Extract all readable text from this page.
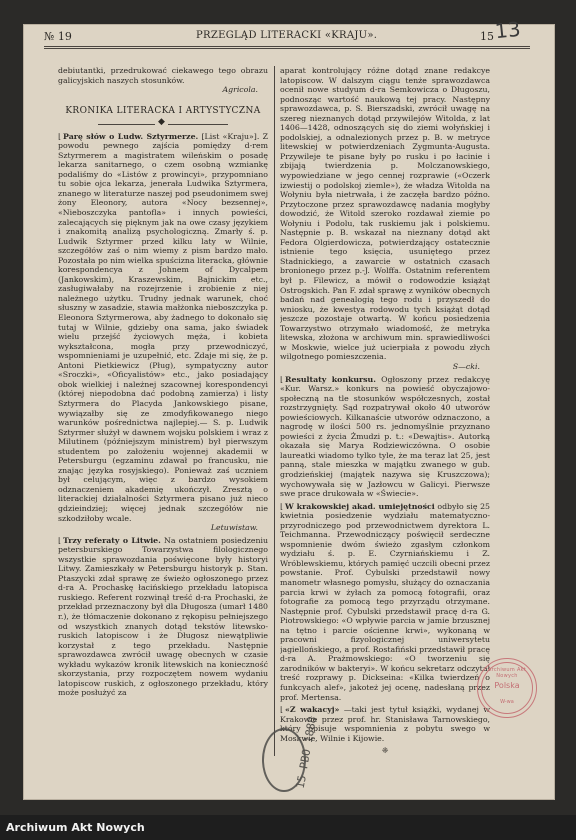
№ 19	PRZEGLĄD LITERACKI «KRAJU».	15 13

debiutantki, przedrukować ciekawego tego obrazu galicyjskich naszych stosunków.

Agricola.

KRONIKA LITERACKA I ARTYSTYCZNA
◆

⌊ Parę słów o Ludw. Sztyrmerze. [List «Kraju»]. Z powodu pewnego zajścia pomiędzy d-rem Sztyrmerem a magistratem wileńskim o posadę lekarza sanitarnego, o czem osobną wzmiankę podaliśmy do «Listów z prowincyi», przypomniano tu sobie ojca lekarza, jenerała Ludwika Sztyrmera, znanego w literaturze naszej pod pseudonimem swej żony Eleonory, autora «Nocy bezsennej», «Nieboszczyka pantofla» i innych powieści, zalecających się pięknym jak na owe czasy językiem i znakomitą analizą psychologiczną. Zmarły ś. p. Ludwik Sztyrmer przed kilku laty w Wilnie, szczegółów zaś o nim wiemy z pism bardzo mało. Pozostała po nim wielka spuścizna literacka, głównie korespondencya z Johnem of Dycalpem (Jankowskim), Kraszewskim, Bajnickim etc., zasługiwałaby na rozejrzenie i zrobienie z niej należnego użytku. Trudny jednak warunek, choć słuszny w zasadzie, stawia małżonka nieboszczyka p. Eleonora Sztyrmerowa, aby żadnego to dokonało się tutaj w Wilnie, gdzieby ona sama, jako świadek wielu przejść życiowych męża, i kobieta wykształcona, mogła przy przewodniczyć, wspomnieniami je uzupełnić, etc. Zdaje mi się, że p. Antoni Pietkiewicz (Pług), sympatyczny autor «Sroczki», «Oficyalistów» etc., jako posiadający obok wielkiej i należnej szacownej korespondencyi (której niepodobna dać podobną zamierza) i listy Sztyrmera do Placyda Jankowskiego pisane, wywiązałby się ze zmodyfikowanego niego warunków pośrednictwa najlepiej.— S. p. Ludwik Sztyrmer służył w dawnem wojsku polskiem i wraz z Milutinem (późniejszym ministrem) był pierwszym studentem po założeniu wojennej akademii w Petersburgu (egzaminu zdawał po francusku, nie znając języka rosyjskiego). Ponieważ zaś uczniem był celującym, więc z bardzo wysokiem odznaczeniem akademię ukończył. Zresztą o literackiej działalności Sztyrmera pisano już nieco gdzieindziej; więcej jednak szczegółów nie szkodziłoby wcale.

Letuwistaw.

⌊ Trzy referaty o Litwie. Na ostatniem posiedzeniu petersburskiego Towarzystwa filologicznego wszystkie sprawozdania poświęcone były historyi Litwy. Zamieszkały w Petersburgu historyk p. Stan. Ptaszycki zdał sprawę ze świeżo ogłoszonego przez d-ra A. Prochaskę łacińskiego przekładu latopisca ruskiego. Referent rozwinął treść d-ra Prochaski, że przekład przeznaczony był dla Długosza (umarł 1480 r.), że tłómaczenie dokonano z rękopisu pełniejszego od wszystkich znanych dotąd tekstów litewsko-ruskich latopiscow i że Długosz niewątpliwie korzystał z tego przekładu. Następnie sprawozdawca zwrócił uwagę obecnych w czasie wykładu wykazów kronik litewskich na konieczność skorzystania, przy rozpoczętem nowem wydaniu latopiscow ruskich, z ogłoszonego przekładu, który może posłużyć za

aparat kontrolujący różne dotąd znane redakcye latopiscow. W dalszym ciągu tenże sprawozdawca ocenił nowe studyum d-ra Semkowicza o Długoszu, podnosząc wartość naukową tej pracy. Następny sprawozdawca, p. S. Bierszadski, zwrócił uwagę na szereg nieznanych dotąd przywilejów Witolda, z lat 1406—1428, odnoszących się do ziemi wołyńskiej i podolskiej, a odnalezionych przez p. B. w metryce litewskiej w potwierdzeniach Zygmunta-Augusta. Przywileje te pisane były po rusku i po łacinie i zbijają twierdzenia p. Molczanowskiego, wypowiedziane w jego cennej rozprawie («Oczerk izwiestij o podolskoj ziemle»), że władza Witolda na Wołyniu była nietrwała, i że zaczęła bardzo późno. Przytoczone przez sprawozdawcę nadania mogłyby dowodzić, że Witold szeroko rozdawał ziemie po Wołyniu i Podolu, tak ruskiemu jak i polskiemu. Następnie p. B. wskazał na nieznany dotąd akt Fedora Olgierdowicza, potwierdzający ostatecznie istnienie tego księcia, usuniętego przez Stadnickiego, a zawarcie w ostatnich czasach bronionego przez p.-J. Wolffa. Ostatnim referentem był p. Filewicz, a mówił o rodowodzie książąt Ostrogskich. Pan F. zdał sprawę z wyników obecnych badań nad genealogią tego rodu i przyszedł do wniosku, że kwestya rodowodu tych książąt dotąd jeszcze pozostaje otwartą. W końcu posiedzenia Towarzystwo otrzymało wiadomość, że metryka litewska, złożona w archiwum min. sprawiedliwości w Moskwie, wielce już ucierpiała z powodu złych wilgotnego pomieszczenia.

S—cki.

⌊ Resultaty konkursu. Ogłoszony przez redakcyę «Kur. Warsz.» konkurs na powieść obyczajowo-społeczną na tle stosunków współczesnych, został rozstrzygnięty. Sąd rozpatrywał około 40 utworów powieściowych. Kilkanaście utworów odznaczono, a nagrodę w ilości 500 rs. jednomyślnie przyznano powieści z życia Żmudzi p. t.: «Dewajtis». Autorką okazała się Marya Rodziewiczówna. O osobie laureatki wiadomo tylko tyle, że ma teraz lat 25, jest panną, stale mieszka w majątku zwanego w gub. grodzieńskiej (majątek nazywa się Kruszczowa); wychowywała się w Jazłowcu w Galicyi. Pierwsze swe prace drukowała w «Świecie».

⌊ W krakowskiej akad. umiejętności odbyło się 25 kwietnia posiedzenie wydziału matematyczno-przyrodniczego pod przewodnictwem dyrektora L. Teichmanna. Przewodniczący poświęcił serdeczne wspomnienie dwóm świeżo zgasłym członkom wydziału ś. p. E. Czyrniańskiemu i Z. Wróblewskiemu, których pamięć uczcili obecni przez powstanie. Prof. Cybulski przedstawił nowy manometr własnego pomysłu, służący do oznaczania parcia krwi w żyłach za pomocą fotografii, oraz fotografie za pomocą tego przyrządu otrzymane. Następnie prof. Cybulski przedstawił pracę d-ra G. Piotrowskiego: «O wpływie parcia w jamie brzusznej na tętno i parcie ościenne krwi», wykonaną w pracowni fizyologicznej uniwersytetu jagiellońskiego, a prof. Rostafiński przedstawił pracę d-ra A. Prażmowskiego: «O tworzeniu się zarodników w bakteryi». W końcu sekretarz odczytał treść rozprawy p. Dickseina: «Kilka twierdzeń o funkcyach alef», jakoteż jej ocenę, nadesłaną przez prof. Mertensa.

⌊ «Z wakacyj» —taki jest tytuł książki, wydanej w Krakowie przez prof. hr. Stanisława Tarnowskiego, który opisuje wspomnienia z pobytu swego w Moskwie, Wilnie i Kijowie.

❈

Archiwum Akt Nowych
Polska
W-wa
15 PBO 1888
Archiwum Akt Nowych
